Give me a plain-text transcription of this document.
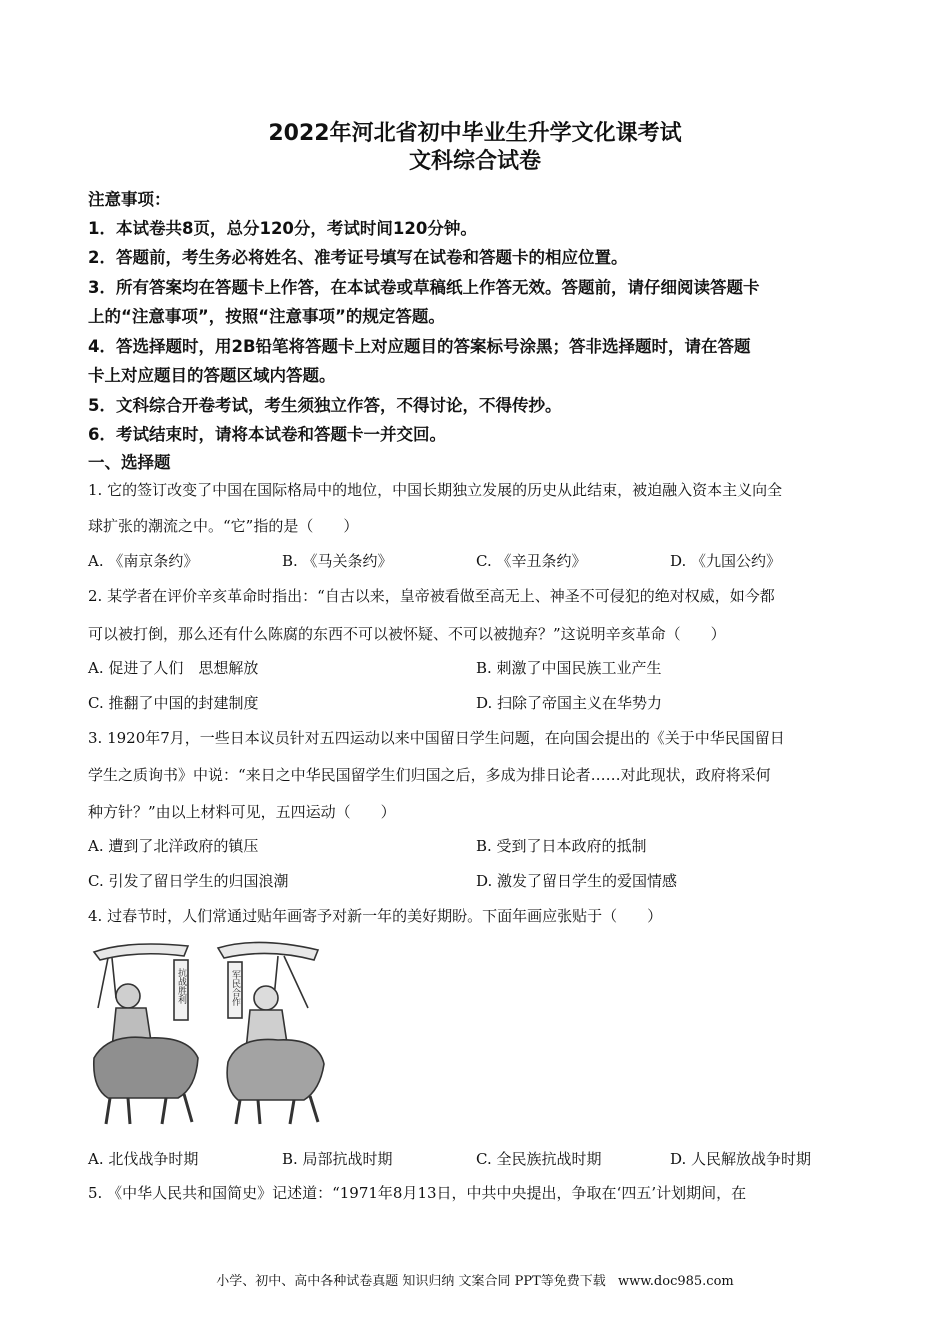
2022年河北省初中毕业生升学文化课考试
文科综合试卷
注意事项：
1．本试卷共8页，总分120分，考试时间120分钟。
2．答题前，考生务必将姓名、准考证号填写在试卷和答题卡的相应位置。
3．所有答案均在答题卡上作答，在本试卷或草稿纸上作答无效。答题前，请仔细阅读答题卡
上的“注意事项”，按照“注意事项”的规定答题。
4．答选择题时，用2B铅笔将答题卡上对应题目的答案标号涂黑；答非选择题时，请在答题
卡上对应题目的答题区域内答题。
5．文科综合开卷考试，考生须独立作答，不得讨论，不得传抄。
6．考试结束时，请将本试卷和答题卡一并交回。
一、选择题
1. 它的签订改变了中国在国际格局中的地位，中国长期独立发展的历史从此结束，被迫融入资本主义向全
球扩张的潮流之中。“它”指的是（　　）
A. 《南京条约》	B. 《马关条约》	C. 《辛丑条约》	D. 《九国公约》
2. 某学者在评价辛亥革命时指出：“自古以来，皇帝被看做至高无上、神圣不可侵犯的绝对权威，如今都
可以被打倒，那么还有什么陈腐的东西不可以被怀疑、不可以被抛弃？”这说明辛亥革命（　　）
A. 促进了人们　思想解放	B. 刺激了中国民族工业产生
C. 推翻了中国的封建制度	D. 扫除了帝国主义在华势力
3. 1920年7月，一些日本议员针对五四运动以来中国留日学生问题，在向国会提出的《关于中华民国留日
学生之质询书》中说：“来日之中华民国留学生们归国之后，多成为排日论者……对此现状，政府将采何
种方针？”由以上材料可见，五四运动（　　）
A. 遭到了北洋政府的镇压	B. 受到了日本政府的抵制
C. 引发了留日学生的归国浪潮	D. 激发了留日学生的爱国情感
4. 过春节时，人们常通过贴年画寄予对新一年的美好期盼。下面年画应张贴于（　　）
抗战胜利	军民合作
A. 北伐战争时期	B. 局部抗战时期	C. 全民族抗战时期	D. 人民解放战争时期
5. 《中华人民共和国简史》记述道：“1971年8月13日，中共中央提出，争取在‘四五’计划期间，在
小学、初中、高中各种试卷真题 知识归纳 文案合同 PPT等免费下载 www.doc985.com
